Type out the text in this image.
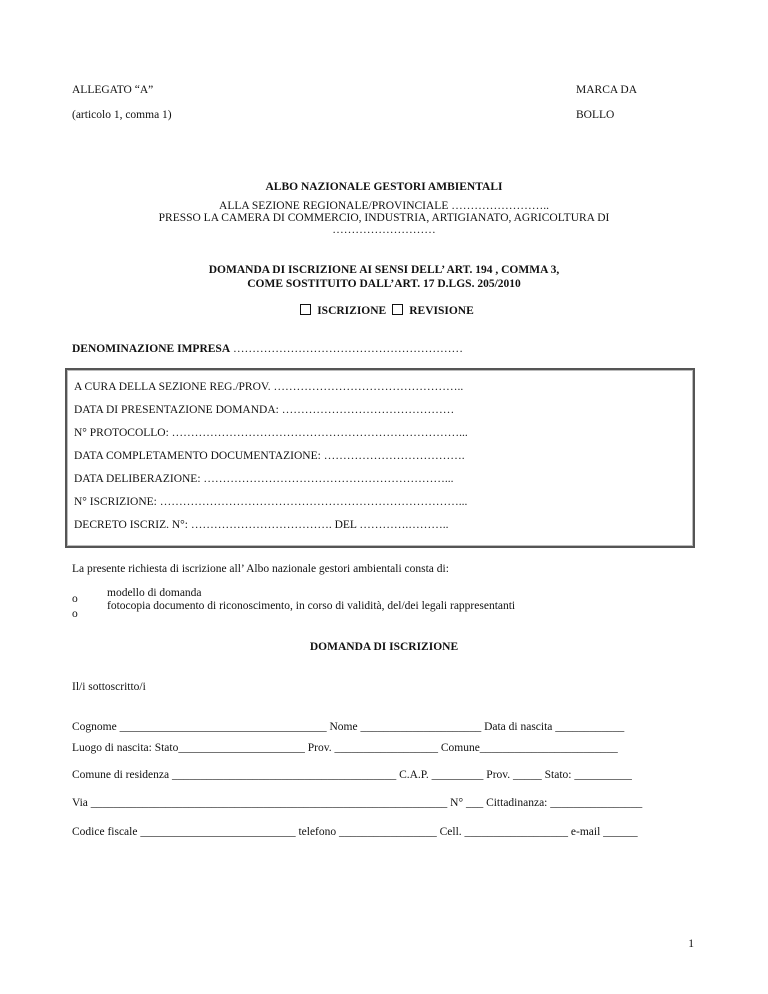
ALLEGATO “A”
(articolo 1, comma 1)
MARCA DA
BOLLO
ALBO NAZIONALE GESTORI AMBIENTALI
ALLA SEZIONE REGIONALE/PROVINCIALE ……………………..
PRESSO LA CAMERA DI COMMERCIO, INDUSTRIA, ARTIGIANATO, AGRICOLTURA DI
………………………
DOMANDA DI ISCRIZIONE AI SENSI DELL’ ART. 194 , COMMA 3,
COME SOSTITUITO DALL’ART. 17 D.LGS. 205/2010
ISCRIZIONE REVISIONE
DENOMINAZIONE IMPRESA ……………………………………………………
A CURA DELLA SEZIONE REG./PROV. …………………………………………..
DATA DI PRESENTAZIONE DOMANDA: ………………………………………
N° PROTOCOLLO: …………………………………………………………………...
DATA COMPLETAMENTO DOCUMENTAZIONE: ……………………………….
DATA DELIBERAZIONE: ………………………………………………………...
N° ISCRIZIONE: ……………………………………………………………………...
DECRETO ISCRIZ. N°: ………………………………. DEL ………….………..
La presente richiesta di iscrizione all’ Albo nazionale gestori ambientali consta di:
o	modello di domanda
o
fotocopia documento di riconoscimento, in corso di validità, del/dei legali rappresentanti
DOMANDA DI ISCRIZIONE
Il/i sottoscritto/i
Cognome ____________________________________ Nome _____________________ Data di nascita ____________
Luogo di nascita: Stato______________________ Prov. __________________ Comune________________________
Comune di residenza _______________________________________ C.A.P. _________ Prov. _____ Stato: __________
Via ______________________________________________________________ N° ___ Cittadinanza: ________________
Codice fiscale ___________________________ telefono _________________ Cell. __________________ e-mail ______
1
